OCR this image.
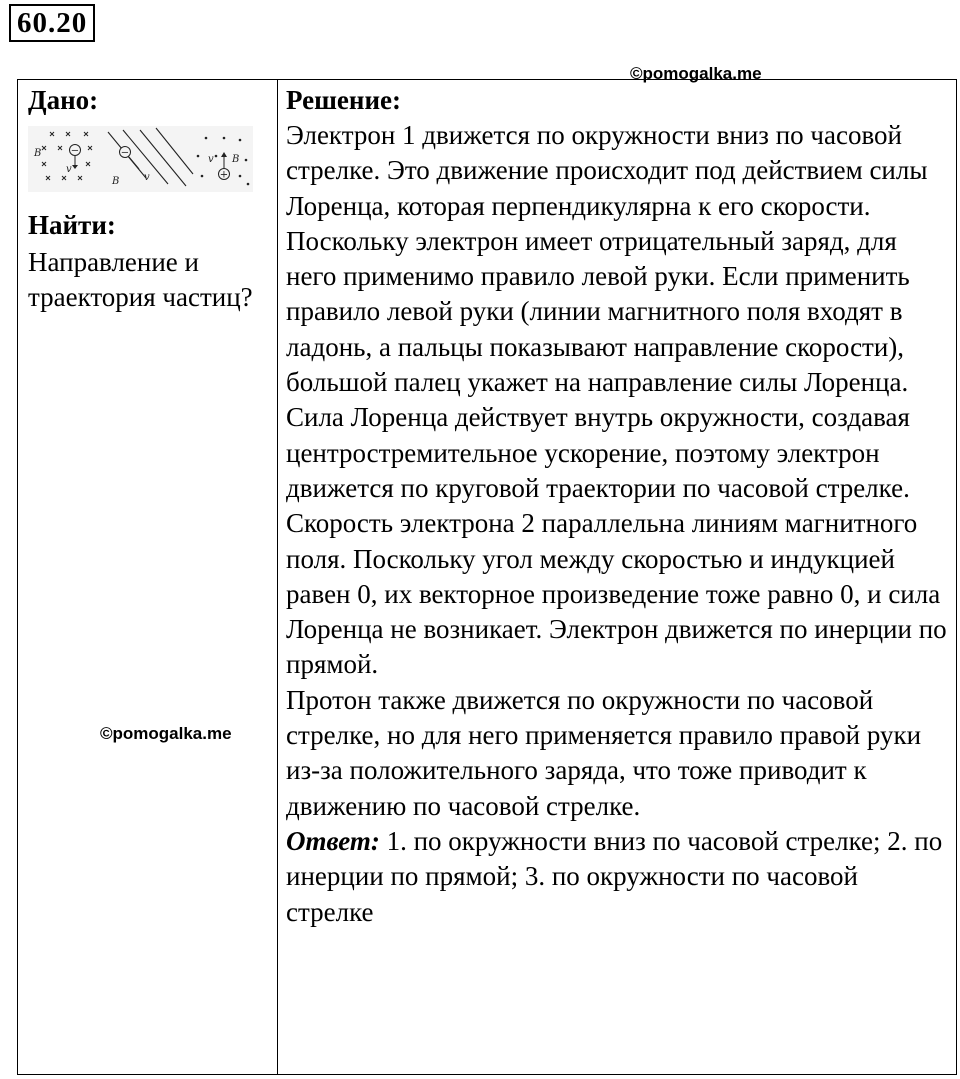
60.20
©pomogalka.me
Дано:
−
B
v
−
B v	+
v B
Найти:
Направление и траектория частиц?

Решение:
Электрон 1 движется по окружности вниз по часовой стрелке. Это движение происходит под действием силы Лоренца, которая перпендикулярна к его скорости. Поскольку электрон имеет отрицательный заряд, для него применимо правило левой руки. Если применить правило левой руки (линии магнитного поля входят в ладонь, а пальцы показывают направление скорости), большой палец укажет на направление силы Лоренца. Сила Лоренца действует внутрь окружности, создавая центростремительное ускорение, поэтому электрон движется по круговой траектории по часовой стрелке.
Скорость электрона 2 параллельна линиям магнитного поля. Поскольку угол между скоростью и индукцией равен 0, их векторное произведение тоже равно 0, и сила Лоренца не возникает. Электрон движется по инерции по прямой.
Протон также движется по окружности по часовой стрелке, но для него применяется правило правой руки из-за положительного заряда, что тоже приводит к движению по часовой стрелке.
Ответ: 1. по окружности вниз по часовой стрелке; 2. по инерции по прямой; 3. по окружности по часовой стрелке
©pomogalka.me
